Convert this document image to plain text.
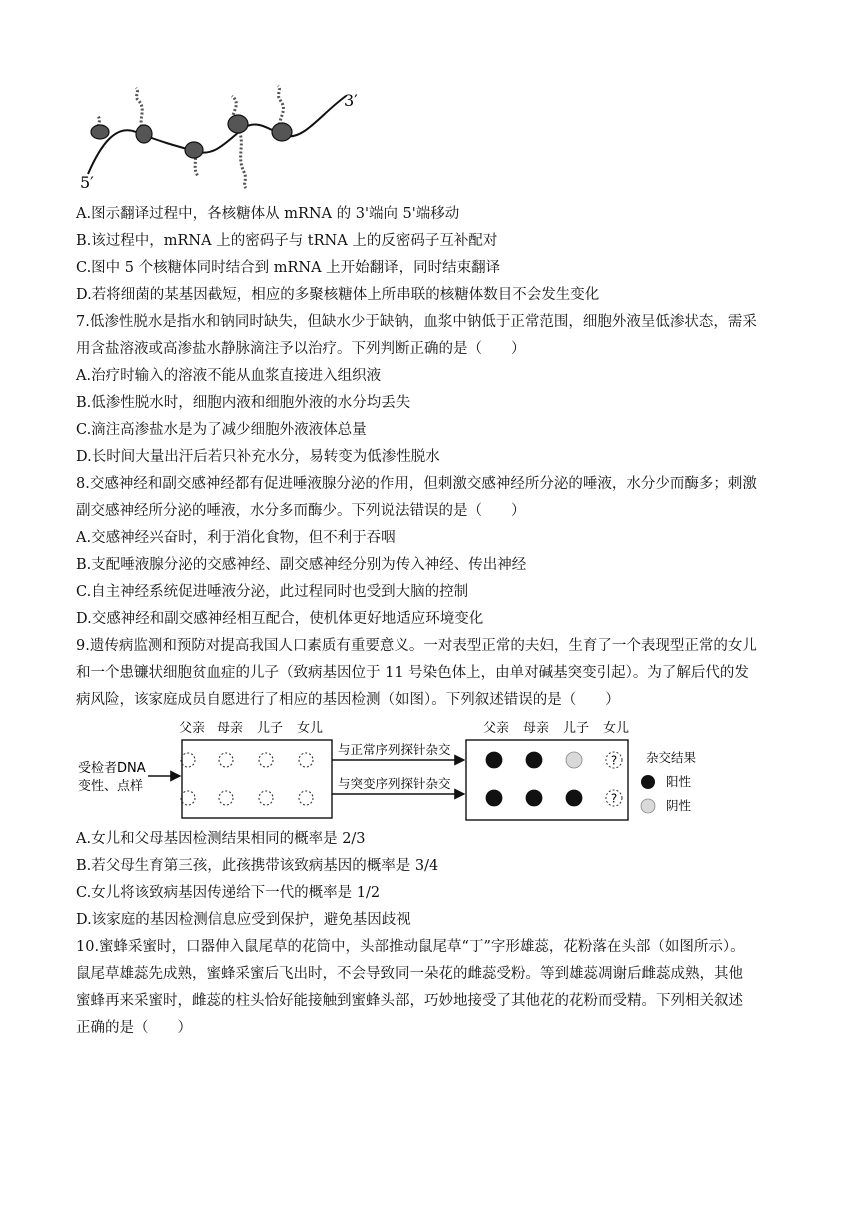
3′
5′
A.图示翻译过程中，各核糖体从 mRNA 的 3'端向 5'端移动
B.该过程中，mRNA 上的密码子与 tRNA 上的反密码子互补配对
C.图中 5 个核糖体同时结合到 mRNA 上开始翻译，同时结束翻译
D.若将细菌的某基因截短，相应的多聚核糖体上所串联的核糖体数目不会发生变化
7.低渗性脱水是指水和钠同时缺失，但缺水少于缺钠，血浆中钠低于正常范围，细胞外液呈低渗状态，需采
用含盐溶液或高渗盐水静脉滴注予以治疗。下列判断正确的是（　　）
A.治疗时输入的溶液不能从血浆直接进入组织液
B.低渗性脱水时，细胞内液和细胞外液的水分均丢失
C.滴注高渗盐水是为了减少细胞外液液体总量
D.长时间大量出汗后若只补充水分，易转变为低渗性脱水
8.交感神经和副交感神经都有促进唾液腺分泌的作用，但刺激交感神经所分泌的唾液，水分少而酶多；刺激
副交感神经所分泌的唾液，水分多而酶少。下列说法错误的是（　　）
A.交感神经兴奋时，利于消化食物，但不利于吞咽
B.支配唾液腺分泌的交感神经、副交感神经分别为传入神经、传出神经
C.自主神经系统促进唾液分泌，此过程同时也受到大脑的控制
D.交感神经和副交感神经相互配合，使机体更好地适应环境变化
9.遗传病监测和预防对提高我国人口素质有重要意义。一对表型正常的夫妇，生育了一个表现型正常的女儿
和一个患镰状细胞贫血症的儿子（致病基因位于 11 号染色体上，由单对碱基突变引起）。为了解后代的发
病风险，该家庭成员自愿进行了相应的基因检测（如图）。下列叙述错误的是（　　）
受检者DNA
变性、点样
父亲 母亲 儿子 女儿
与正常序列探针杂交
与突变序列探针杂交
父亲 母亲 儿子 女儿
?
?
杂交结果
阳性
阴性
A.女儿和父母基因检测结果相同的概率是 2/3
B.若父母生育第三孩，此孩携带该致病基因的概率是 3/4
C.女儿将该致病基因传递给下一代的概率是 1/2
D.该家庭的基因检测信息应受到保护，避免基因歧视
10.蜜蜂采蜜时，口器伸入鼠尾草的花筒中，头部推动鼠尾草“丁”字形雄蕊，花粉落在头部（如图所示）。
鼠尾草雄蕊先成熟，蜜蜂采蜜后飞出时，不会导致同一朵花的雌蕊受粉。等到雄蕊凋谢后雌蕊成熟，其他
蜜蜂再来采蜜时，雌蕊的柱头恰好能接触到蜜蜂头部，巧妙地接受了其他花的花粉而受精。下列相关叙述
正确的是（　　）
